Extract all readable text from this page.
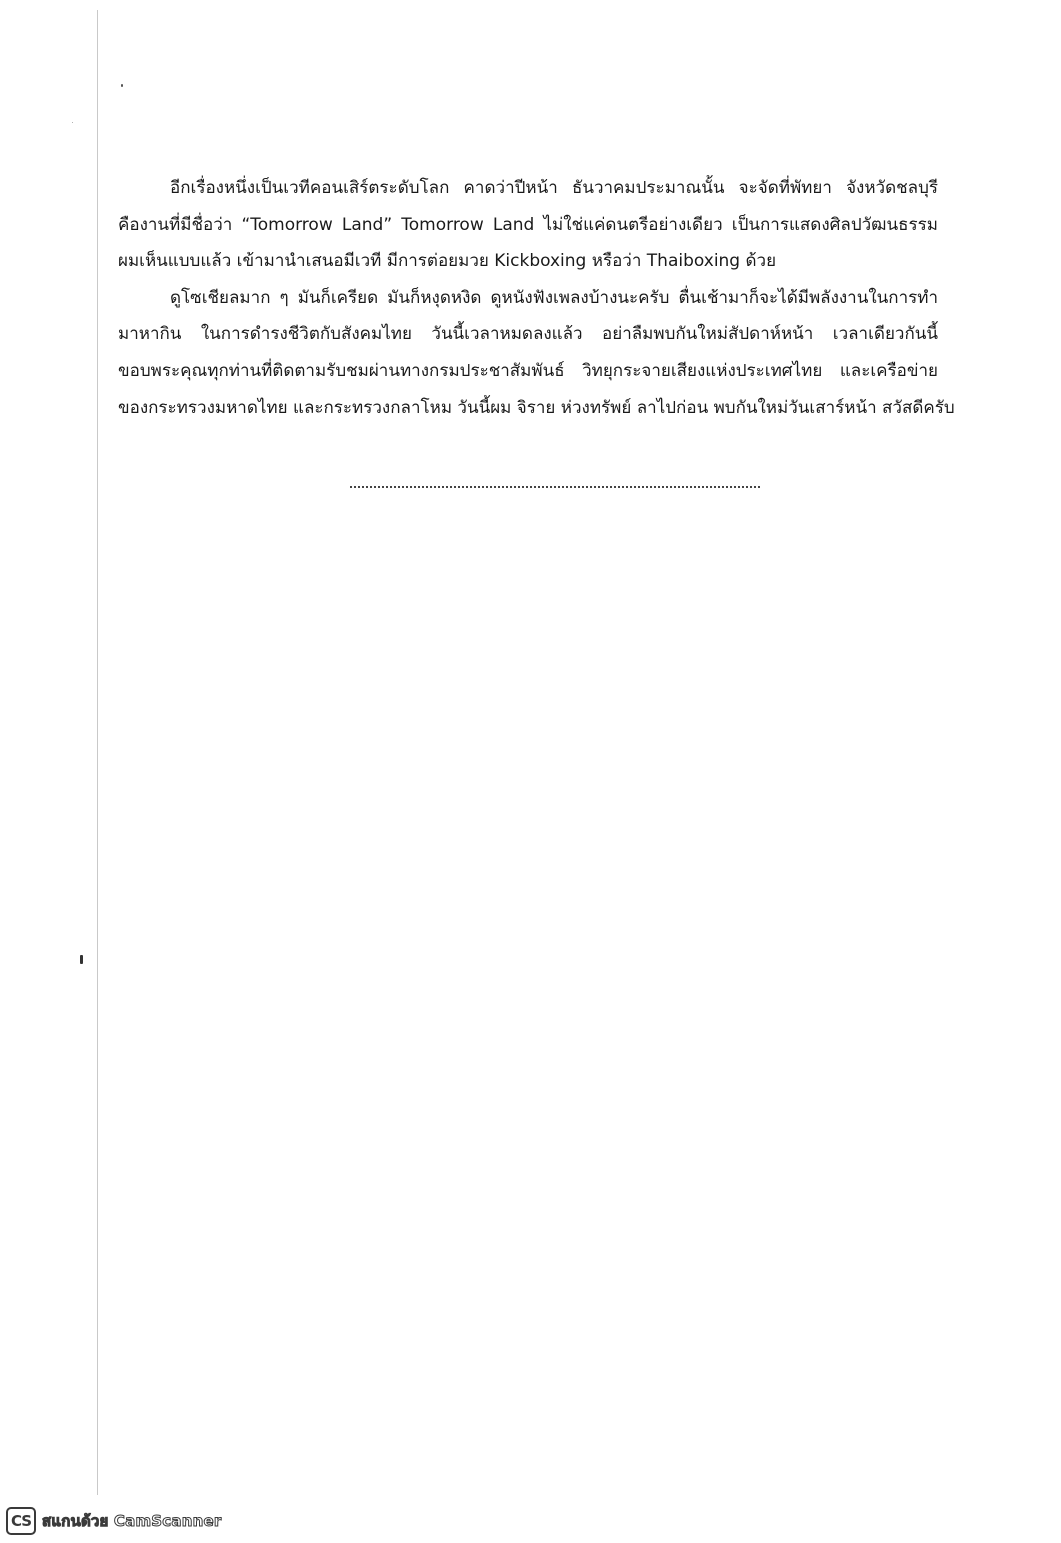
อีกเรื่องหนึ่งเป็นเวทีคอนเสิร์ตระดับโลก คาดว่าปีหน้า ธันวาคมประมาณนั้น จะจัดที่พัทยา จังหวัดชลบุรี
คืองานที่มีชื่อว่า “Tomorrow Land” Tomorrow Land ไม่ใช่แค่ดนตรีอย่างเดียว เป็นการแสดงศิลปวัฒนธรรม
ผมเห็นแบบแล้ว เข้ามานำเสนอมีเวที มีการต่อยมวย Kickboxing หรือว่า Thaiboxing ด้วย
ดูโซเชียลมาก ๆ มันก็เครียด มันก็หงุดหงิด ดูหนังฟังเพลงบ้างนะครับ ตื่นเช้ามาก็จะได้มีพลังงานในการทำ
มาหากิน ในการดำรงชีวิตกับสังคมไทย วันนี้เวลาหมดลงแล้ว อย่าลืมพบกันใหม่สัปดาห์หน้า เวลาเดียวกันนี้
ขอบพระคุณทุกท่านที่ติดตามรับชมผ่านทางกรมประชาสัมพันธ์ วิทยุกระจายเสียงแห่งประเทศไทย และเครือข่าย
ของกระทรวงมหาดไทย และกระทรวงกลาโหม วันนี้ผม จิราย ห่วงทรัพย์ ลาไปก่อน พบกันใหม่วันเสาร์หน้า สวัสดีครับ
CS สแกนด้วย CamScanner
